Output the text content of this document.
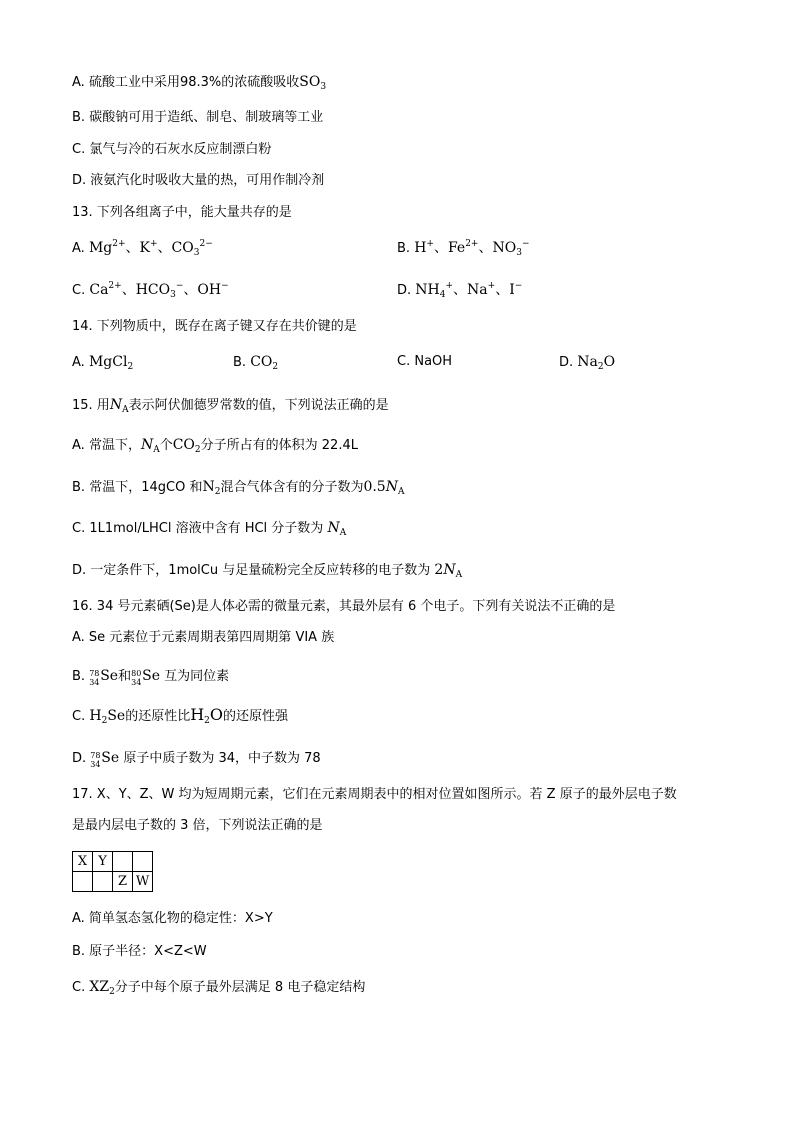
A. 硫酸工业中采用98.3%的浓硫酸吸收$SO_3$
B. 碳酸钠可用于造纸、制皂、制玻璃等工业
C. 氯气与冷的石灰水反应制漂白粉
D. 液氨汽化时吸收大量的热，可用作制冷剂
13. 下列各组离子中，能大量共存的是
A. $Mg^{2+}$、K+、$CO_3^{2-}$	B. H+、$Fe^{2+}$、$NO_3^-$
C. $Ca^{2+}$、$HCO_3^-$、OH−	D. $NH_4^+$、Na+、I−
14. 下列物质中，既存在离子键又存在共价键的是
A. MgCl$_2$	B. $CO_2$	C. NaOH	D. $Na_2O$
15. 用$N_A$表示阿伏伽德罗常数的值，下列说法正确的是
A. 常温下，$N_A$个$CO_2$分子所占有的体积为 22.4L
B. 常温下，14gCO 和$N_2$混合气体含有的分子数为$0.5N_A$
C. 1L1mol/LHCl 溶液中含有 HCl 分子数为 $N_A$
D. 一定条件下，1molCu 与足量硫粉完全反应转移的电子数为 $2N_A$
16. 34 号元素硒(Se)是人体必需的微量元素，其最外层有 6 个电子。下列有关说法不正确的是
A. Se 元素位于元素周期表第四周期第 VIA 族
B. 78
34 Se和 80
34 Se 互为同位素
C. $H_2Se$的还原性比$H_2O$的还原性强
D. 78
34 Se 原子中质子数为 34，中子数为 78
17. X、Y、Z、W 均为短周期元素，它们在元素周期表中的相对位置如图所示。若 Z 原子的最外层电子数
是最内层电子数的 3 倍，下列说法正确的是
X	Y		
		Z	W
A. 简单氢态氢化物的稳定性：X>Y
B. 原子半径：X<Z<W
C. $XZ_2$分子中每个原子最外层满足 8 电子稳定结构
